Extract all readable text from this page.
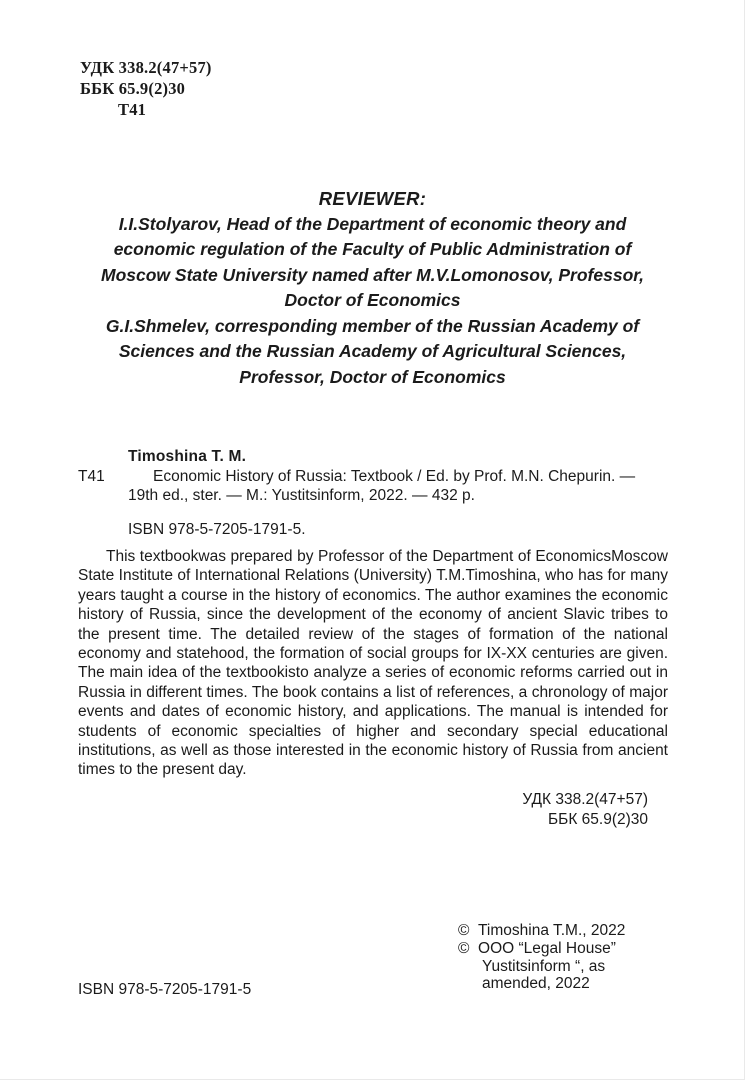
УДК 338.2(47+57)
ББК 65.9(2)30
Т41
REVIEWER:
I.I.Stolyarov, Head of the Department of economic theory and economic regulation of the Faculty of Public Administration of Moscow State University named after M.V.Lomonosov, Professor, Doctor of Economics
G.I.Shmelev, corresponding member of the Russian Academy of Sciences and the Russian Academy of Agricultural Sciences, Professor, Doctor of Economics
Timoshina T. M.
Т41	Economic History of Russia: Textbook / Ed. by Prof. M.N. Chepurin. — 19th ed., ster. — M.: Yustitsinform, 2022. — 432 p.
ISBN 978-5-7205-1791-5.
This textbookwas prepared by Professor of the Department of EconomicsMoscow State Institute of International Relations (University) T.M.Timoshina, who has for many years taught a course in the history of economics. The author examines the economic history of Russia, since the development of the economy of ancient Slavic tribes to the present time. The detailed review of the stages of formation of the national economy and statehood, the formation of social groups for IX-XX centuries are given. The main idea of the textbookisto analyze a series of economic reforms carried out in Russia in different times. The book contains a list of references, a chronology of major events and dates of economic history, and applications. The manual is intended for students of economic specialties of higher and secondary special educational institutions, as well as those interested in the economic history of Russia from ancient times to the present day.
УДК 338.2(47+57)
ББК 65.9(2)30
©  Timoshina T.M., 2022
©  OOO “Legal House”
Yustitsinform “, as
amended, 2022
ISBN 978-5-7205-1791-5
